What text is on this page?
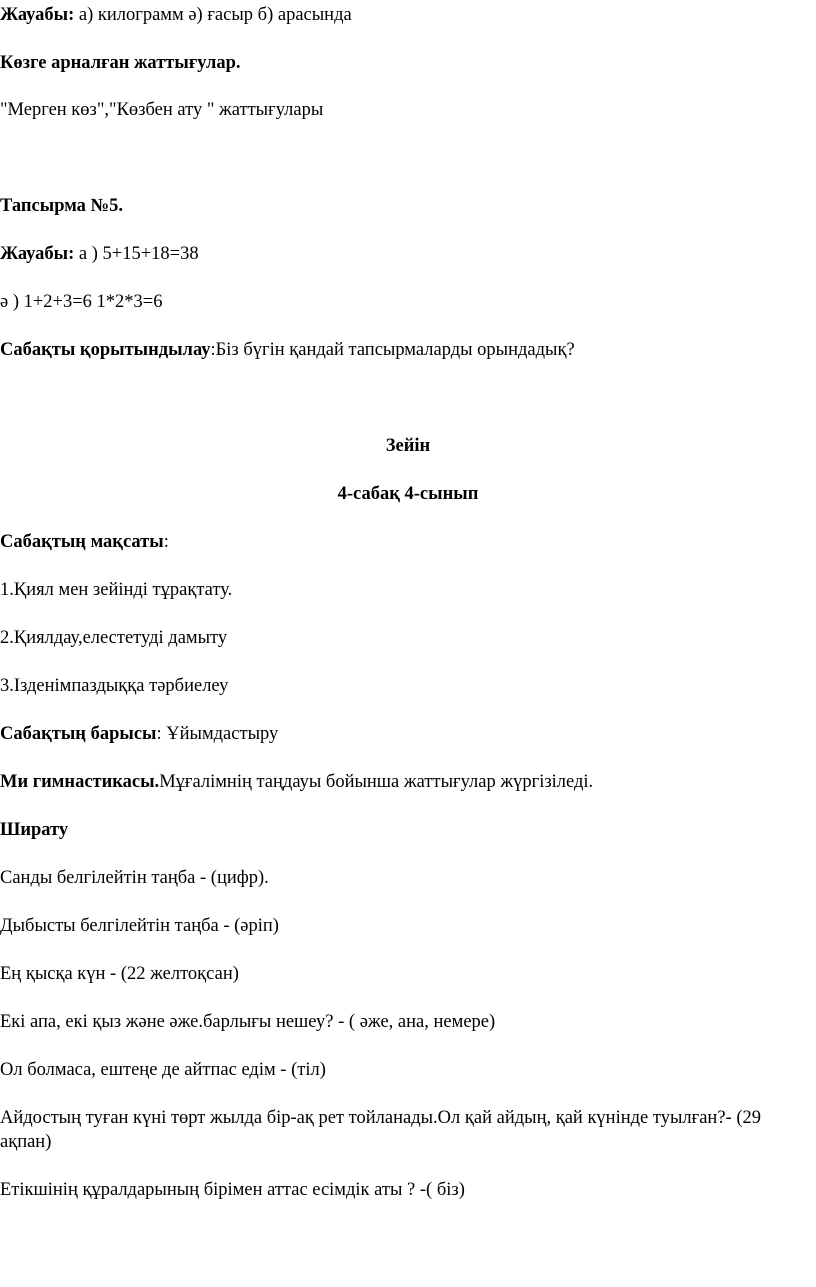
Жауабы: а) килограмм ә) ғасыр б) арасында
Көзге арналған жаттығулар.
"Мерген көз","Көзбен ату " жаттығулары
Тапсырма №5.
Жауабы: а ) 5+15+18=38
ә ) 1+2+3=6 1*2*3=6
Сабақты қорытындылау:Біз бүгін қандай тапсырмаларды орындадық?
Зейін
4-сабақ 4-сынып
Сабақтың мақсаты:
1.Қиял мен зейінді тұрақтату.
2.Қиялдау,елестетуді дамыту
3.Ізденімпаздыққа тәрбиелеу
Сабақтың барысы: Ұйымдастыру
Ми гимнастикасы.Мұғалімнің таңдауы бойынша жаттығулар жүргізіледі.
Ширату
Санды белгілейтін таңба - (цифр).
Дыбысты белгілейтін таңба - (әріп)
Ең қысқа күн - (22 желтоқсан)
Екі апа, екі қыз және әже.барлығы нешеу? - ( әже, ана, немере)
Ол болмаса, ештеңе де айтпас едім - (тіл)
Айдостың туған күні төрт жылда бір-ақ рет тойланады.Ол қай айдың, қай күнінде туылған?- (29 ақпан)
Етікшінің құралдарының бірімен аттас есімдік аты ? -( біз)
